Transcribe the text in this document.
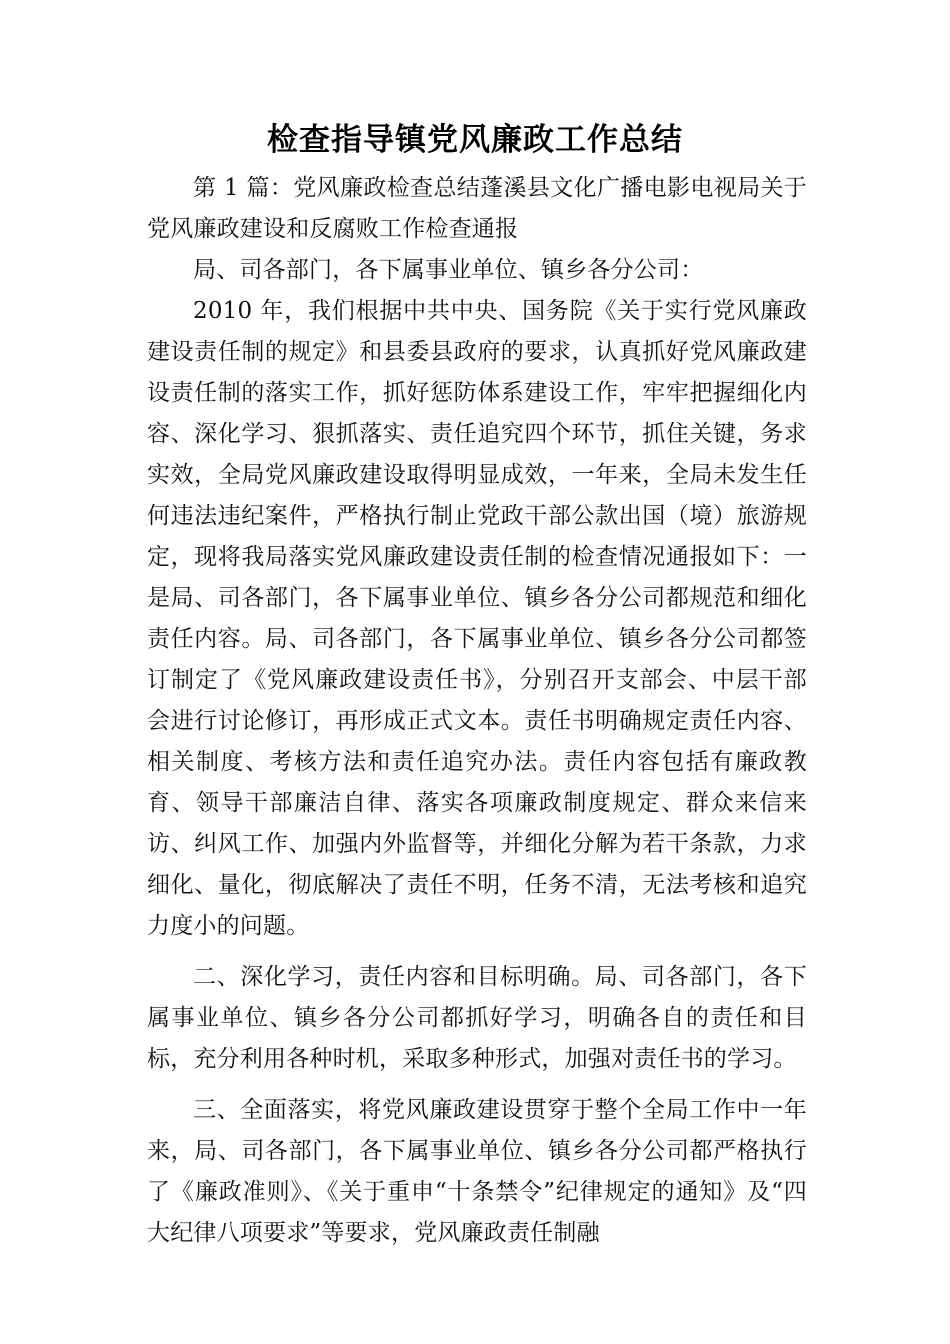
检查指导镇党风廉政工作总结

第 1 篇：党风廉政检查总结蓬溪县文化广播电影电视局关于党风廉政建设和反腐败工作检查通报

局、司各部门，各下属事业单位、镇乡各分公司：

2010 年，我们根据中共中央、国务院《关于实行党风廉政建设责任制的规定》和县委县政府的要求，认真抓好党风廉政建设责任制的落实工作，抓好惩防体系建设工作，牢牢把握细化内容、深化学习、狠抓落实、责任追究四个环节，抓住关键，务求实效，全局党风廉政建设取得明显成效，一年来，全局未发生任何违法违纪案件，严格执行制止党政干部公款出国（境）旅游规定，现将我局落实党风廉政建设责任制的检查情况通报如下：一是局、司各部门，各下属事业单位、镇乡各分公司都规范和细化责任内容。局、司各部门，各下属事业单位、镇乡各分公司都签订制定了《党风廉政建设责任书》，分别召开支部会、中层干部会进行讨论修订，再形成正式文本。责任书明确规定责任内容、相关制度、考核方法和责任追究办法。责任内容包括有廉政教育、领导干部廉洁自律、落实各项廉政制度规定、群众来信来访、纠风工作、加强内外监督等，并细化分解为若干条款，力求细化、量化，彻底解决了责任不明，任务不清，无法考核和追究力度小的问题。

二、深化学习，责任内容和目标明确。局、司各部门，各下属事业单位、镇乡各分公司都抓好学习，明确各自的责任和目标，充分利用各种时机，采取多种形式，加强对责任书的学习。

三、全面落实，将党风廉政建设贯穿于整个全局工作中一年来，局、司各部门，各下属事业单位、镇乡各分公司都严格执行了《廉政准则》、《关于重申“十条禁令”纪律规定的通知》及“四大纪律八项要求”等要求，党风廉政责任制融
